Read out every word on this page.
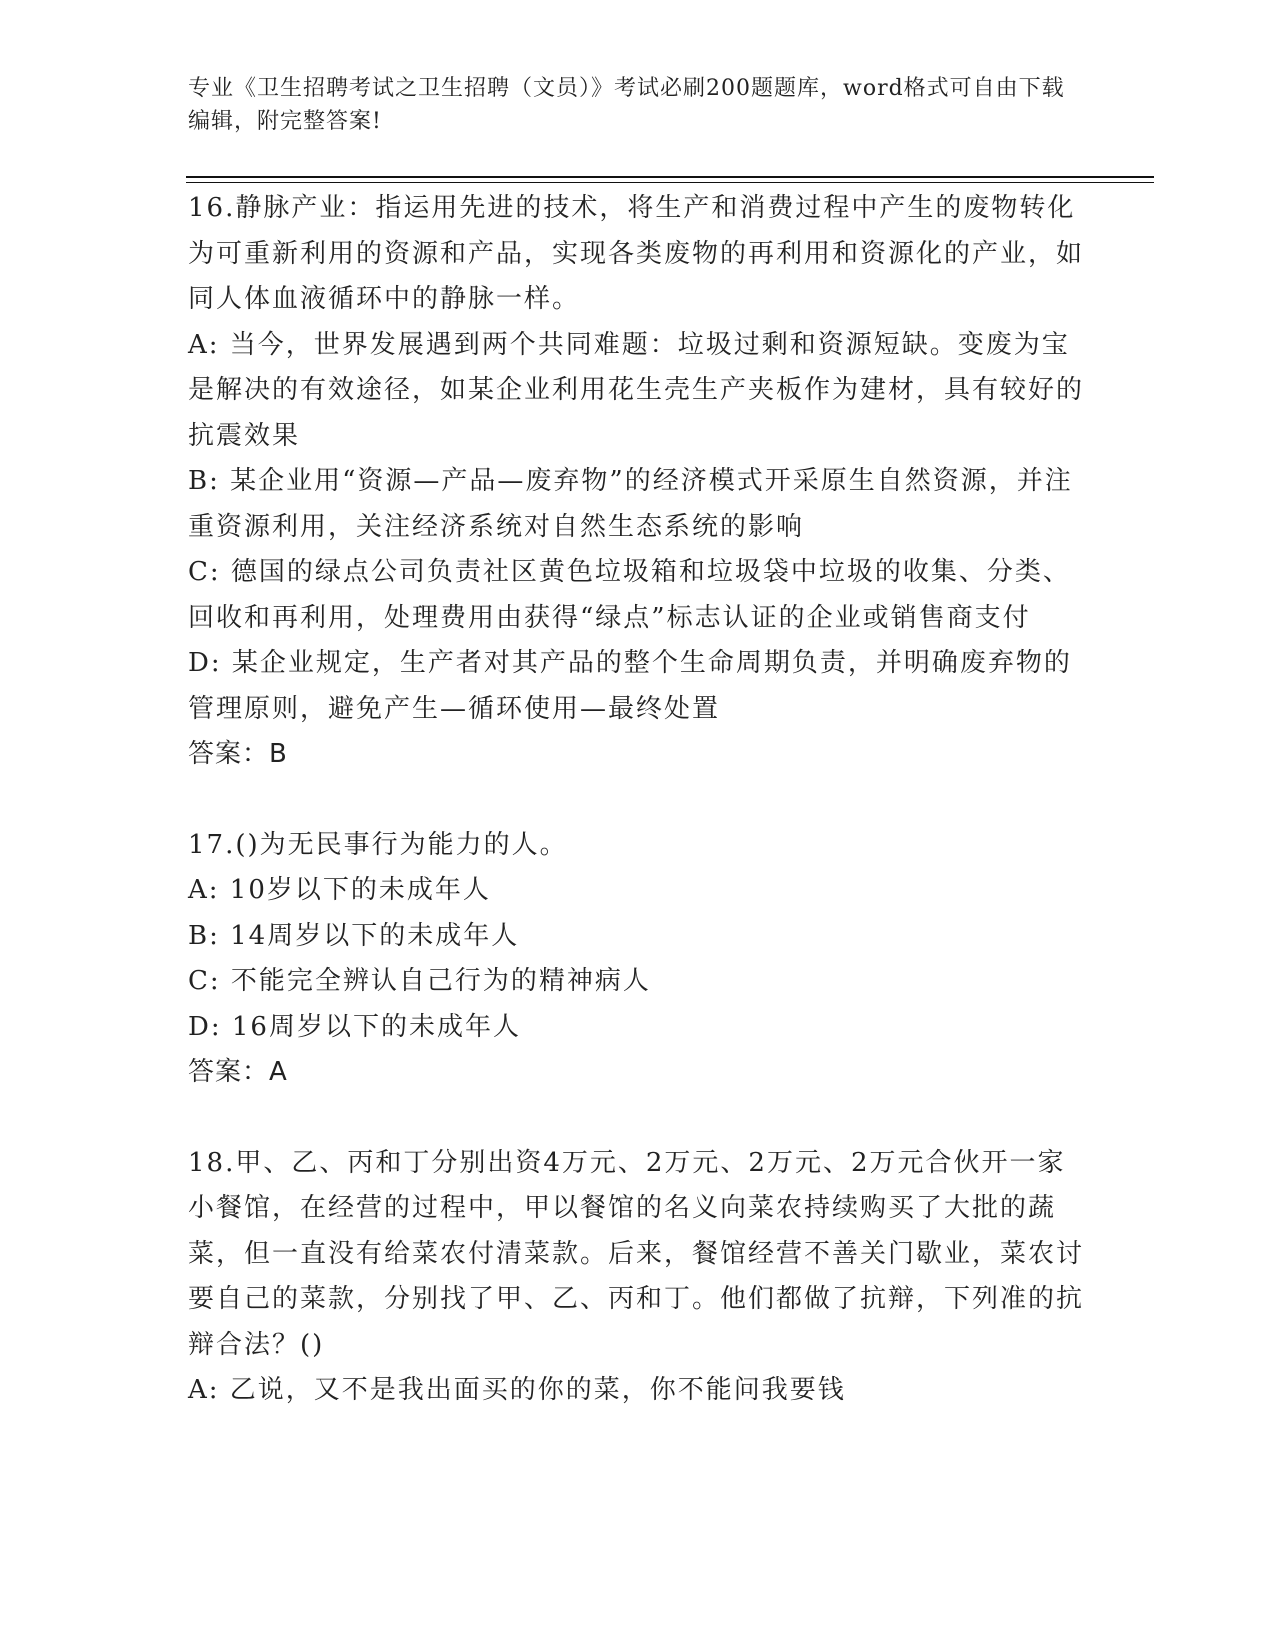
专业《卫生招聘考试之卫生招聘（文员）》考试必刷200题题库，word格式可自由下载编辑，附完整答案!

16.静脉产业：指运用先进的技术，将生产和消费过程中产生的废物转化为可重新利用的资源和产品，实现各类废物的再利用和资源化的产业，如同人体血液循环中的静脉一样。

A: 当今，世界发展遇到两个共同难题：垃圾过剩和资源短缺。变废为宝是解决的有效途径，如某企业利用花生壳生产夹板作为建材，具有较好的抗震效果

B: 某企业用“资源—产品—废弃物”的经济模式开采原生自然资源，并注重资源利用，关注经济系统对自然生态系统的影响

C: 德国的绿点公司负责社区黄色垃圾箱和垃圾袋中垃圾的收集、分类、回收和再利用，处理费用由获得“绿点”标志认证的企业或销售商支付

D: 某企业规定，生产者对其产品的整个生命周期负责，并明确废弃物的管理原则，避免产生—循环使用—最终处置

答案：B

17.()为无民事行为能力的人。

A: 10岁以下的未成年人

B: 14周岁以下的未成年人

C: 不能完全辨认自己行为的精神病人

D: 16周岁以下的未成年人

答案：A

18.甲、乙、丙和丁分别出资4万元、2万元、2万元、2万元合伙开一家小餐馆，在经营的过程中，甲以餐馆的名义向菜农持续购买了大批的蔬菜，但一直没有给菜农付清菜款。后来，餐馆经营不善关门歇业，菜农讨要自己的菜款，分别找了甲、乙、丙和丁。他们都做了抗辩，下列准的抗辩合法？()

A: 乙说，又不是我出面买的你的菜，你不能问我要钱
